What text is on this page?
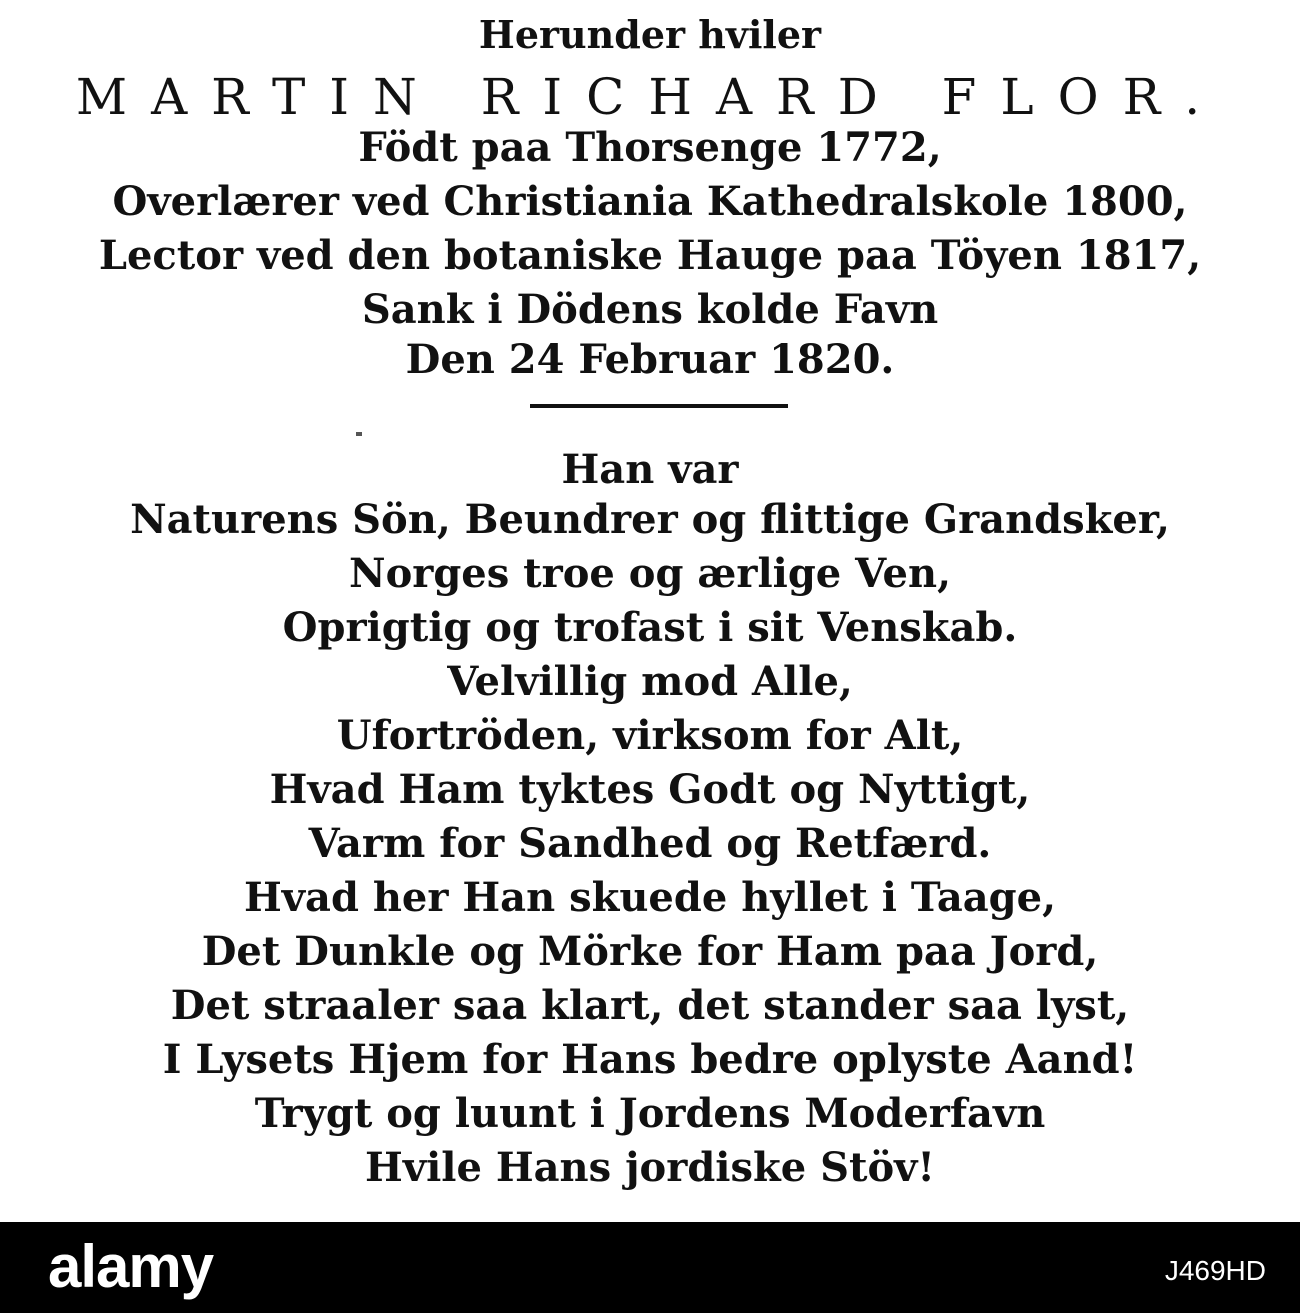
Herunder hviler
MARTIN RICHARD FLOR.
Födt paa Thorsenge 1772,
Overlærer ved Christiania Kathedralskole 1800,
Lector ved den botaniske Hauge paa Töyen 1817,
Sank i Dödens kolde Favn
Den 24 Februar 1820.
Han var
Naturens Sön, Beundrer og flittige Grandsker,
Norges troe og ærlige Ven,
Oprigtig og trofast i sit Venskab.
Velvillig mod Alle,
Ufortröden, virksom for Alt,
Hvad Ham tyktes Godt og Nyttigt,
Varm for Sandhed og Retfærd.
Hvad her Han skuede hyllet i Taage,
Det Dunkle og Mörke for Ham paa Jord,
Det straaler saa klart, det stander saa lyst,
I Lysets Hjem for Hans bedre oplyste Aand!
Trygt og luunt i Jordens Moderfavn
Hvile Hans jordiske Stöv!
alamy	J469HD
